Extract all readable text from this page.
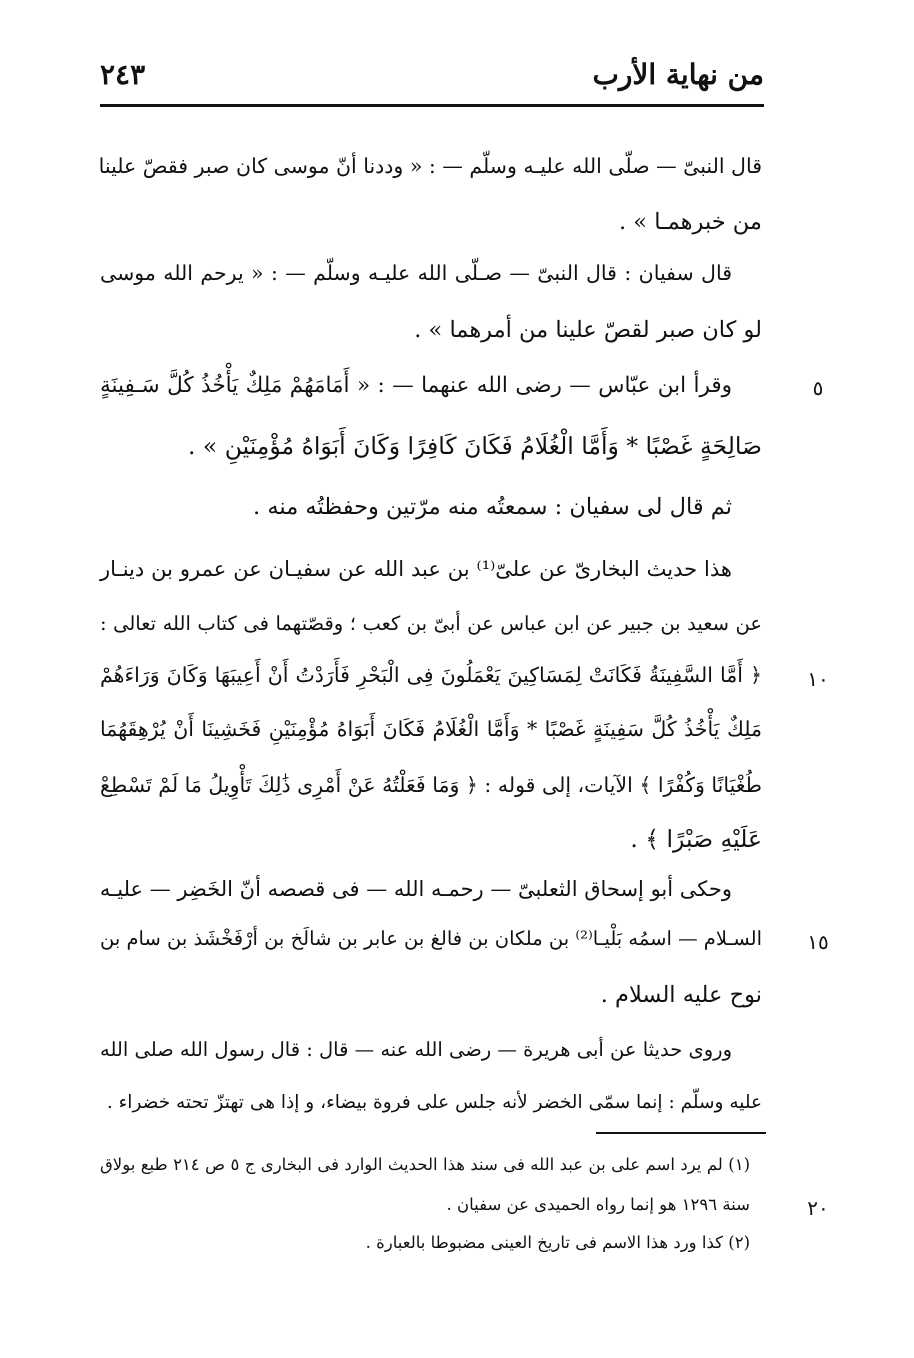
٢٤٣	من نهاية الأرب
قال النبىّ — صلّى الله عليـه وسلّم — : « وددنا أنّ موسى كان صبر فقصّ علينا
من خبرهمـا » .
قال سفيان : قال النبىّ — صـلّى الله عليـه وسلّم — : « يرحم الله موسى
لو كان صبر لقصّ علينا من أمرهما » .
وقرأ ابن عبّاس — رضى الله عنهما — : « أَمَامَهُمْ مَلِكٌ يَأْخُذُ كُلَّ سَـفِينَةٍ
صَالِحَةٍ غَصْبًا * وَأَمَّا الْغُلَامُ فَكَانَ كَافِرًا وَكَانَ أَبَوَاهُ مُؤْمِنَيْنِ » .
ثم قال لى سفيان : سمعتُه منه مرّتين وحفظتُه منه .
هذا حديث البخارىّ عن علىّ⁽¹⁾ بن عبد الله عن سفيـان عن عمرو بن دينـار
عن سعيد بن جبير عن ابن عباس عن أبىّ بن كعب ؛ وقصّتهما فى كتاب الله تعالى :
﴿ أَمَّا السَّفِينَةُ فَكَانَتْ لِمَسَاكِينَ يَعْمَلُونَ فِى الْبَحْرِ فَأَرَدْتُ أَنْ أَعِيبَهَا وَكَانَ وَرَاءَهُمْ
مَلِكٌ يَأْخُذُ كُلَّ سَفِينَةٍ غَصْبًا * وَأَمَّا الْغُلَامُ فَكَانَ أَبَوَاهُ مُؤْمِنَيْنِ فَخَشِينَا أَنْ يُرْهِقَهُمَا
طُغْيَانًا وَكُفْرًا ﴾ الآيات، إلى قوله : ﴿ وَمَا فَعَلْتُهُ عَنْ أَمْرِى ذَٰلِكَ تَأْوِيلُ مَا لَمْ تَسْطِعْ
عَلَيْهِ صَبْرًا ﴾ .
وحكى أبو إسحاق الثعلبىّ — رحمـه الله — فى قصصه أنّ الخَضِر — عليـه
السـلام — اسمُه بَلْيـا⁽²⁾ بن ملكان بن فالغ بن عابر بن شالَخ بن أرْفَخْشَذ بن سام بن
نوح عليه السلام .
وروى حديثا عن أبى هريرة — رضى الله عنه — قال : قال رسول الله صلى الله
عليه وسلّم : إنما سمّى الخضر لأنه جلس على فروة بيضاء، و إذا هى تهتزّ تحته خضراء .
(١) لم يرد اسم على بن عبد الله فى سند هذا الحديث الوارد فى البخارى ج ٥ ص ٢١٤ طبع بولاق
سنة ١٢٩٦ هو إنما رواه الحميدى عن سفيان .
(٢) كذا ورد هذا الاسم فى تاريخ العينى مضبوطا بالعبارة .
٥
١٠
١٥
٢٠
